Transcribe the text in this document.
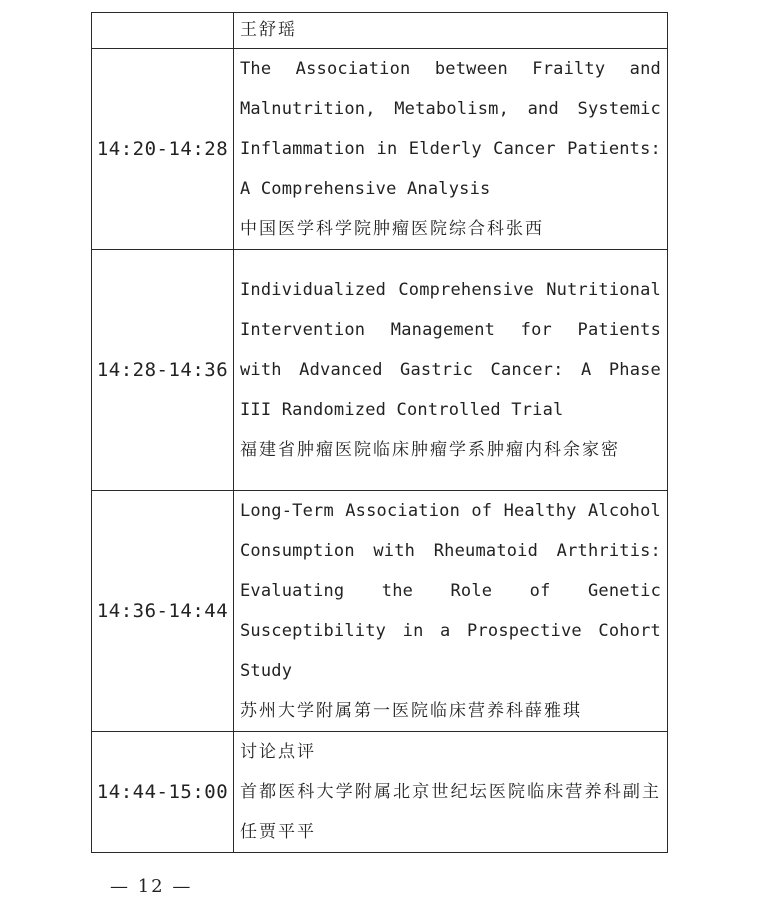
	王舒瑶

14:20-14:28	The Association between Frailty and Malnutrition, Metabolism, and Systemic Inflammation in Elderly Cancer Patients: A Comprehensive Analysis
中国医学科学院肿瘤医院综合科张西

14:28-14:36	Individualized Comprehensive Nutritional Intervention Management for Patients with Advanced Gastric Cancer: A Phase III Randomized Controlled Trial
福建省肿瘤医院临床肿瘤学系肿瘤内科余家密

14:36-14:44	Long-Term Association of Healthy Alcohol Consumption with Rheumatoid Arthritis: Evaluating the Role of Genetic Susceptibility in a Prospective Cohort Study
苏州大学附属第一医院临床营养科薛雅琪

14:44-15:00	讨论点评
首都医科大学附属北京世纪坛医院临床营养科副主任贾平平
— 12 —
